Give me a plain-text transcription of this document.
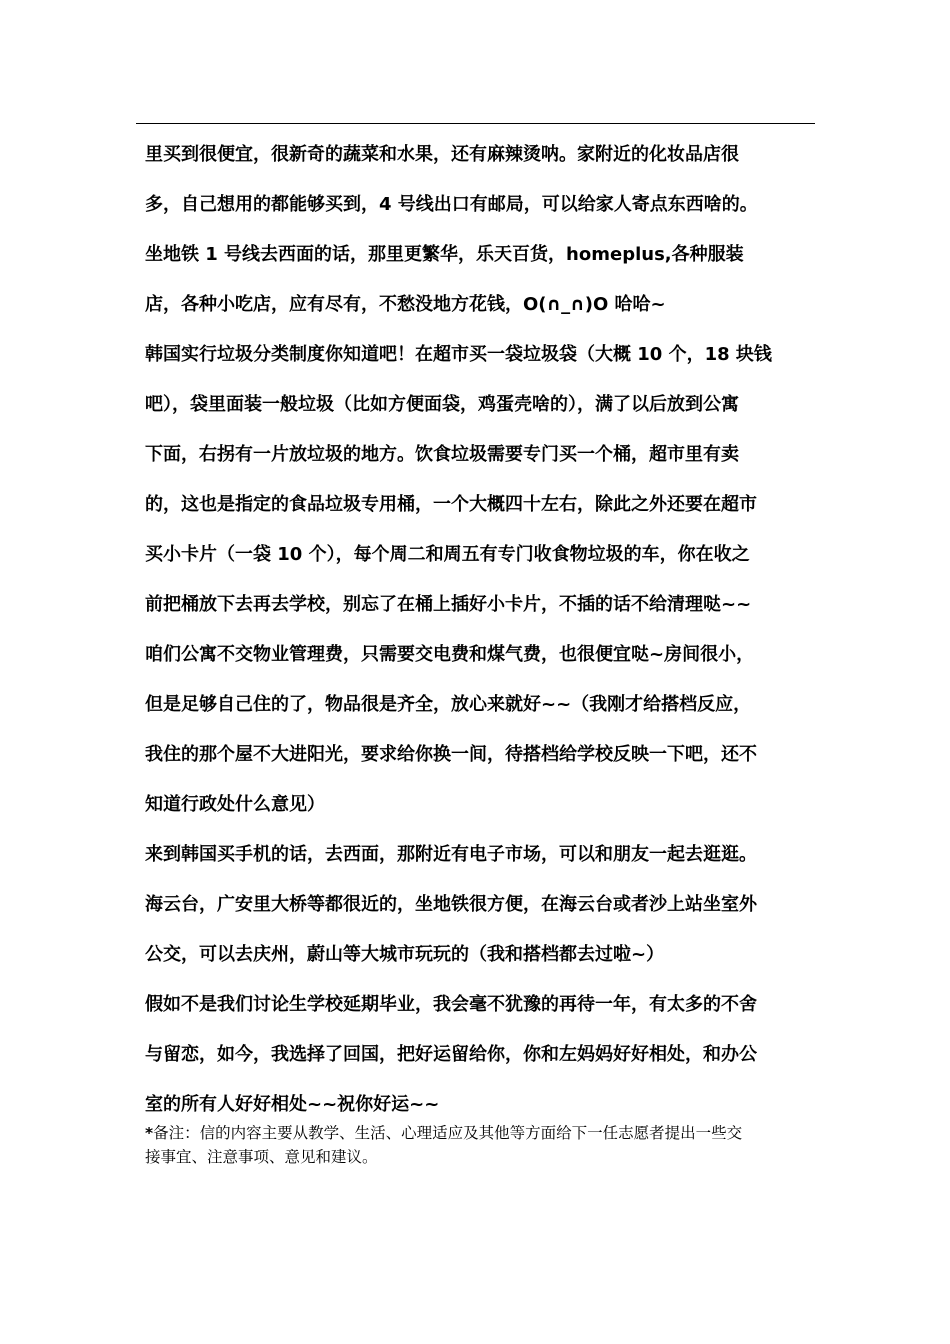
里买到很便宜，很新奇的蔬菜和水果，还有麻辣烫呐。家附近的化妆品店很
多，自己想用的都能够买到，4 号线出口有邮局，可以给家人寄点东西啥的。
坐地铁 1 号线去西面的话，那里更繁华，乐天百货，homeplus,各种服装
店，各种小吃店，应有尽有，不愁没地方花钱，O(∩_∩)O 哈哈~
韩国实行垃圾分类制度你知道吧！在超市买一袋垃圾袋（大概 10 个，18 块钱
吧），袋里面装一般垃圾（比如方便面袋，鸡蛋壳啥的），满了以后放到公寓
下面，右拐有一片放垃圾的地方。饮食垃圾需要专门买一个桶，超市里有卖
的，这也是指定的食品垃圾专用桶，一个大概四十左右，除此之外还要在超市
买小卡片（一袋 10 个），每个周二和周五有专门收食物垃圾的车，你在收之
前把桶放下去再去学校，别忘了在桶上插好小卡片，不插的话不给清理哒~~
咱们公寓不交物业管理费，只需要交电费和煤气费，也很便宜哒~房间很小，
但是足够自己住的了，物品很是齐全，放心来就好~~（我刚才给搭档反应，
我住的那个屋不大进阳光，要求给你换一间，待搭档给学校反映一下吧，还不
知道行政处什么意见）
来到韩国买手机的话，去西面，那附近有电子市场，可以和朋友一起去逛逛。
海云台，广安里大桥等都很近的，坐地铁很方便，在海云台或者沙上站坐室外
公交，可以去庆州，蔚山等大城市玩玩的（我和搭档都去过啦~）
假如不是我们讨论生学校延期毕业，我会毫不犹豫的再待一年，有太多的不舍
与留恋，如今，我选择了回国，把好运留给你，你和左妈妈好好相处，和办公
室的所有人好好相处~~祝你好运~~
*备注：信的内容主要从教学、生活、心理适应及其他等方面给下一任志愿者提出一些交
接事宜、注意事项、意见和建议。
